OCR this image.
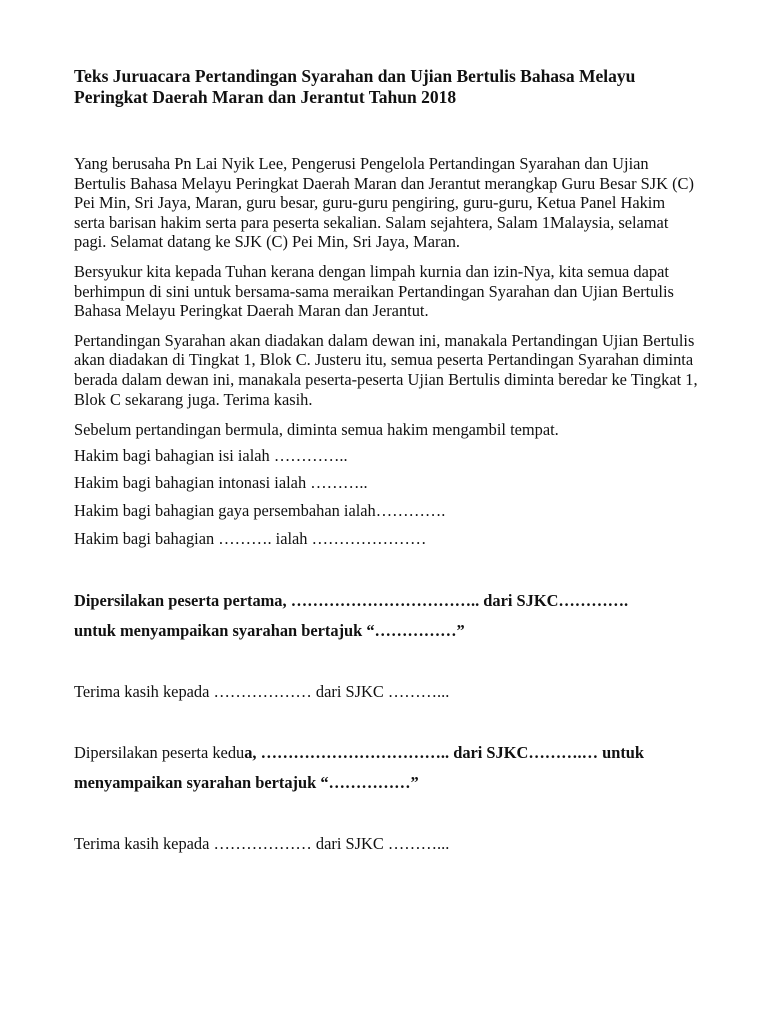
Teks Juruacara Pertandingan Syarahan dan Ujian Bertulis Bahasa Melayu
Peringkat Daerah Maran dan Jerantut Tahun 2018

Yang berusaha Pn Lai Nyik Lee, Pengerusi Pengelola Pertandingan Syarahan dan Ujian Bertulis Bahasa Melayu Peringkat Daerah Maran dan Jerantut merangkap Guru Besar SJK (C) Pei Min, Sri Jaya, Maran, guru besar, guru-guru pengiring, guru-guru, Ketua Panel Hakim serta barisan hakim serta para peserta sekalian. Salam sejahtera, Salam 1Malaysia, selamat pagi. Selamat datang ke SJK (C) Pei Min, Sri Jaya, Maran.

Bersyukur kita kepada Tuhan kerana dengan limpah kurnia dan izin-Nya, kita semua dapat berhimpun di sini untuk bersama-sama meraikan Pertandingan Syarahan dan Ujian Bertulis Bahasa Melayu Peringkat Daerah Maran dan Jerantut.

Pertandingan Syarahan akan diadakan dalam dewan ini, manakala Pertandingan Ujian Bertulis akan diadakan di Tingkat 1, Blok C. Justeru itu, semua peserta Pertandingan Syarahan diminta berada dalam dewan ini, manakala peserta-peserta Ujian Bertulis diminta beredar ke Tingkat 1, Blok C sekarang juga. Terima kasih.

Sebelum pertandingan bermula, diminta semua hakim mengambil tempat.

Hakim bagi bahagian isi ialah …………..

Hakim bagi bahagian intonasi ialah ………..

Hakim bagi bahagian gaya persembahan ialah………….

Hakim bagi bahagian ………. ialah …………………

Dipersilakan peserta pertama, …………………………….. dari SJKC………….
untuk menyampaikan syarahan bertajuk “……………”

Terima kasih kepada ……………… dari SJKC ………...

Dipersilakan peserta kedua, …………………………….. dari SJKC……….… untuk
menyampaikan syarahan bertajuk “……………”

Terima kasih kepada ……………… dari SJKC ………...
